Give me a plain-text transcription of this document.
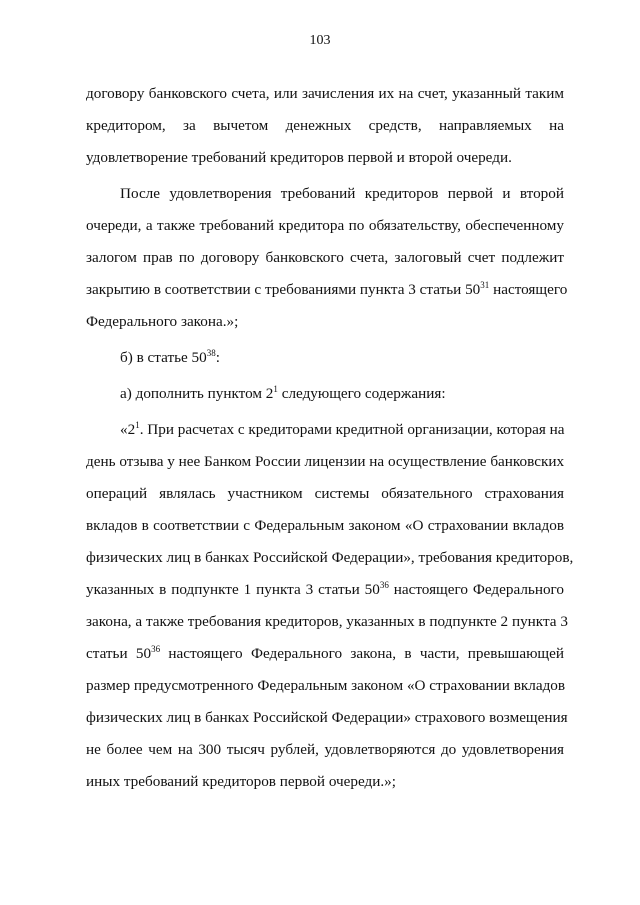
103
договору банковского счета, или зачисления их на счет, указанный таким
кредитором, за вычетом денежных средств, направляемых на
удовлетворение требований кредиторов первой и второй очереди.
После удовлетворения требований кредиторов первой и второй
очереди, а также требований кредитора по обязательству, обеспеченному
залогом прав по договору банковского счета, залоговый счет подлежит
закрытию в соответствии с требованиями пункта 3 статьи $50^{31}$ настоящего
Федерального закона.»;
б) в статье $50^{38}$:
а) дополнить пунктом $2^1$ следующего содержания:
«$2^1$. При расчетах с кредиторами кредитной организации, которая на
день отзыва у нее Банком России лицензии на осуществление банковских
операций являлась участником системы обязательного страхования
вкладов в соответствии с Федеральным законом «О страховании вкладов
физических лиц в банках Российской Федерации», требования кредиторов,
указанных в подпункте 1 пункта 3 статьи $50^{36}$ настоящего Федерального
закона, а также требования кредиторов, указанных в подпункте 2 пункта 3
статьи $50^{36}$ настоящего Федерального закона, в части, превышающей
размер предусмотренного Федеральным законом «О страховании вкладов
физических лиц в банках Российской Федерации» страхового возмещения
не более чем на 300 тысяч рублей, удовлетворяются до удовлетворения
иных требований кредиторов первой очереди.»;
